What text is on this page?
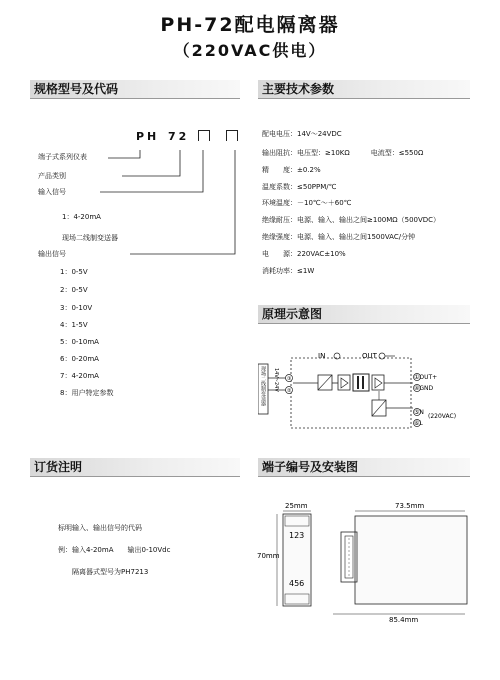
PH-72配电隔离器
（220VAC供电）
规格型号及代码	主要技术参数
原理示意图
订货注明	端子编号及安装图
PH 72
端子式系列仪表
产品类别
输入信号
1：4-20mA
现场二线制变送器
输出信号
1：0-5V
2：0-5V
3：0-10V
4：1-5V
5：0-10mA
6：0-20mA
7：4-20mA
8：用户特定参数
配电电压：14V～24VDC
输出阻抗：电压型：≥10KΩ　　　电流型：≤550Ω
精　　度：±0.2%
温度系数：≤50PPM/℃
环境温度：－10℃～＋60℃
绝缘耐压：电源、输入、输出之间≥100MΩ（500VDC）
绝缘强度：电源、输入、输出之间1500VAC/分钟
电　　源：220VAC±10%
消耗功率：≤1W
现场二线制变送器 14V~24V
IN	OUT
③
②
①OUT+
④GND
⑤N
⑥L
(220VAC)
标明输入、输出信号的代码
例：输入4-20mA　　输出0-10Vdc
隔离器式型号为PH7213
25mm
123
456
70mm
73.5mm
85.4mm
